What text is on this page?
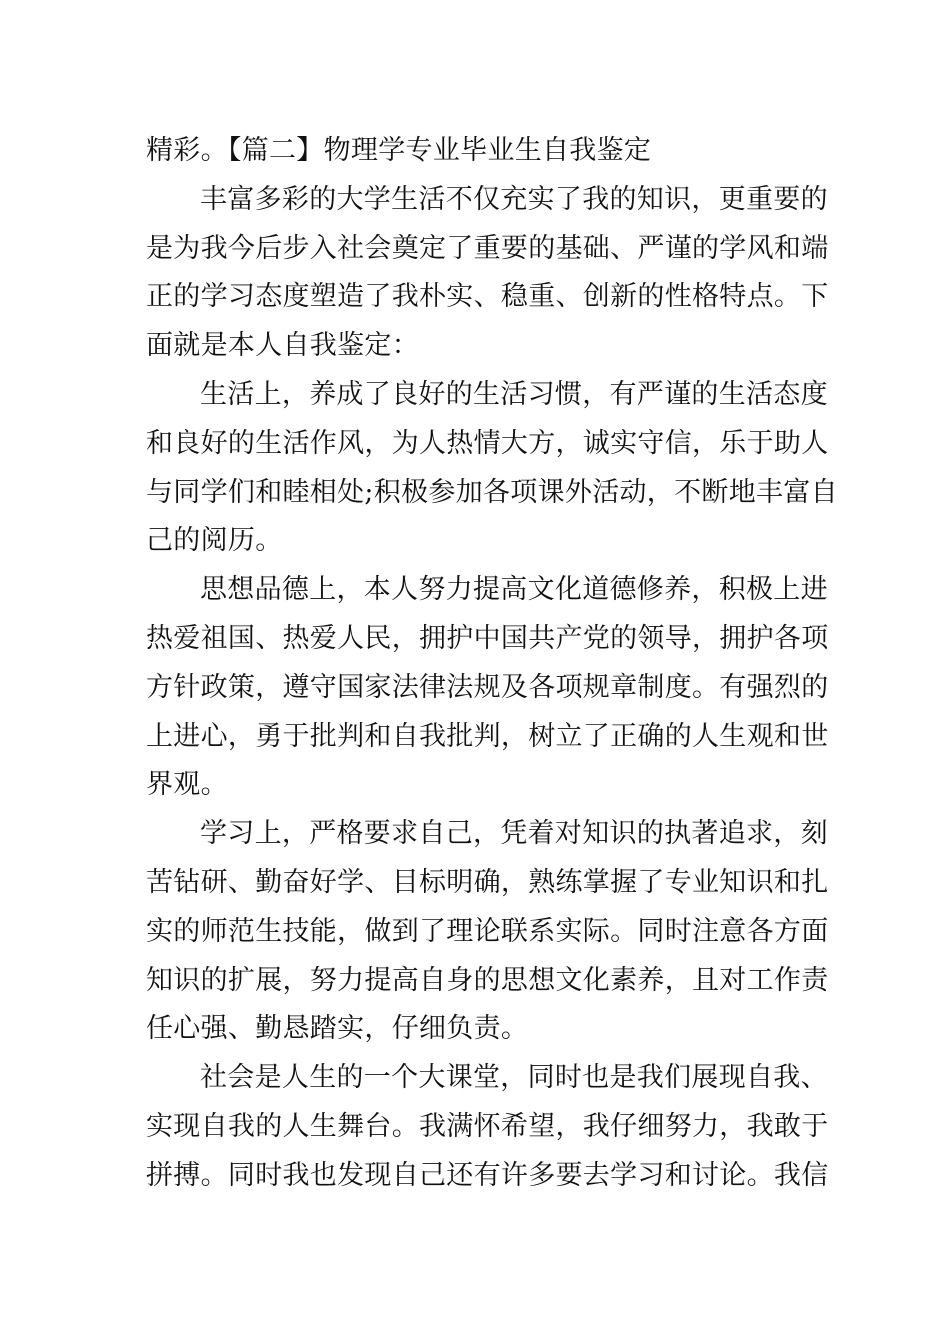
精彩。【篇二】物理学专业毕业生自我鉴定
丰富多彩的大学生活不仅充实了我的知识，更重要的
是为我今后步入社会奠定了重要的基础、严谨的学风和端
正的学习态度塑造了我朴实、稳重、创新的性格特点。下
面就是本人自我鉴定：
生活上，养成了良好的生活习惯，有严谨的生活态度
和良好的生活作风，为人热情大方，诚实守信，乐于助人
与同学们和睦相处;积极参加各项课外活动，不断地丰富自
己的阅历。
思想品德上，本人努力提高文化道德修养，积极上进
热爱祖国、热爱人民，拥护中国共产党的领导，拥护各项
方针政策，遵守国家法律法规及各项规章制度。有强烈的
上进心，勇于批判和自我批判，树立了正确的人生观和世
界观。
学习上，严格要求自己，凭着对知识的执著追求，刻
苦钻研、勤奋好学、目标明确，熟练掌握了专业知识和扎
实的师范生技能，做到了理论联系实际。同时注意各方面
知识的扩展，努力提高自身的思想文化素养，且对工作责
任心强、勤恳踏实，仔细负责。
社会是人生的一个大课堂，同时也是我们展现自我、
实现自我的人生舞台。我满怀希望，我仔细努力，我敢于
拼搏。同时我也发现自己还有许多要去学习和讨论。我信
